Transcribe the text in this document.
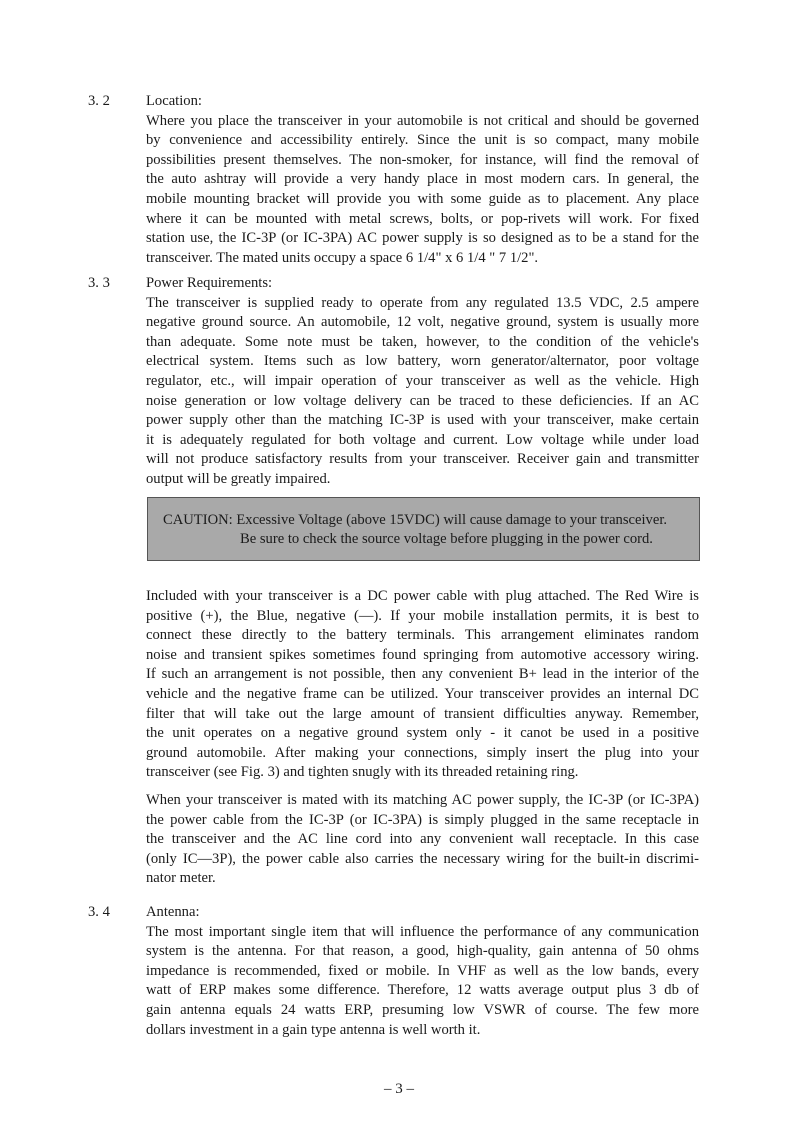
3. 2 Location:
Where you place the transceiver in your automobile is not critical and should be governed
by convenience and accessibility entirely. Since the unit is so compact, many mobile
possibilities present themselves. The non-smoker, for instance, will find the removal of
the auto ashtray will provide a very handy place in most modern cars. In general, the
mobile mounting bracket will provide you with some guide as to placement. Any place
where it can be mounted with metal screws, bolts, or pop-rivets will work. For fixed
station use, the IC-3P (or IC-3PA) AC power supply is so designed as to be a stand for the
transceiver. The mated units occupy a space 6 1/4" x 6 1/4 " 7 1/2".
3. 3 Power Requirements:
The transceiver is supplied ready to operate from any regulated 13.5 VDC, 2.5 ampere
negative ground source. An automobile, 12 volt, negative ground, system is usually more
than adequate. Some note must be taken, however, to the condition of the vehicle's
electrical system. Items such as low battery, worn generator/alternator, poor voltage
regulator, etc., will impair operation of your transceiver as well as the vehicle. High
noise generation or low voltage delivery can be traced to these deficiencies. If an AC
power supply other than the matching IC-3P is used with your transceiver, make certain
it is adequately regulated for both voltage and current. Low voltage while under load
will not produce satisfactory results from your transceiver. Receiver gain and transmitter
output will be greatly impaired.
CAUTION: Excessive Voltage (above 15VDC) will cause damage to your transceiver.
Be sure to check the source voltage before plugging in the power cord.
Included with your transceiver is a DC power cable with plug attached. The Red Wire is
positive (+), the Blue, negative (—). If your mobile installation permits, it is best to
connect these directly to the battery terminals. This arrangement eliminates random
noise and transient spikes sometimes found springing from automotive accessory wiring.
If such an arrangement is not possible, then any convenient B+ lead in the interior of the
vehicle and the negative frame can be utilized. Your transceiver provides an internal DC
filter that will take out the large amount of transient difficulties anyway. Remember,
the unit operates on a negative ground system only - it canot be used in a positive
ground automobile. After making your connections, simply insert the plug into your
transceiver (see Fig. 3) and tighten snugly with its threaded retaining ring.
When your transceiver is mated with its matching AC power supply, the IC-3P (or IC-3PA)
the power cable from the IC-3P (or IC-3PA) is simply plugged in the same receptacle in
the transceiver and the AC line cord into any convenient wall receptacle. In this case
(only IC—3P), the power cable also carries the necessary wiring for the built-in discrimi-
nator meter.
3. 4 Antenna:
The most important single item that will influence the performance of any communication
system is the antenna. For that reason, a good, high-quality, gain antenna of 50 ohms
impedance is recommended, fixed or mobile. In VHF as well as the low bands, every
watt of ERP makes some difference. Therefore, 12 watts average output plus 3 db of
gain antenna equals 24 watts ERP, presuming low VSWR of course. The few more
dollars investment in a gain type antenna is well worth it.
– 3 –
